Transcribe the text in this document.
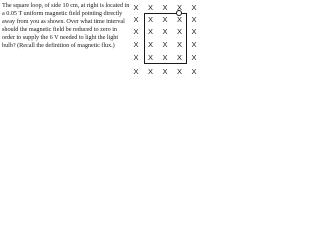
The square loop, of side 10 cm, at right is located in a 0.05 T uniform magnetic field pointing directly away from you as shown. Over what time interval should the magnetic field be reduced to zero in order to supply the 6 V needed to light the light bulb? (Recall the definition of magnetic flux.)

X X X X X
X X X X X
X X X X X
X X X X X
X X X X X
X X X X X
